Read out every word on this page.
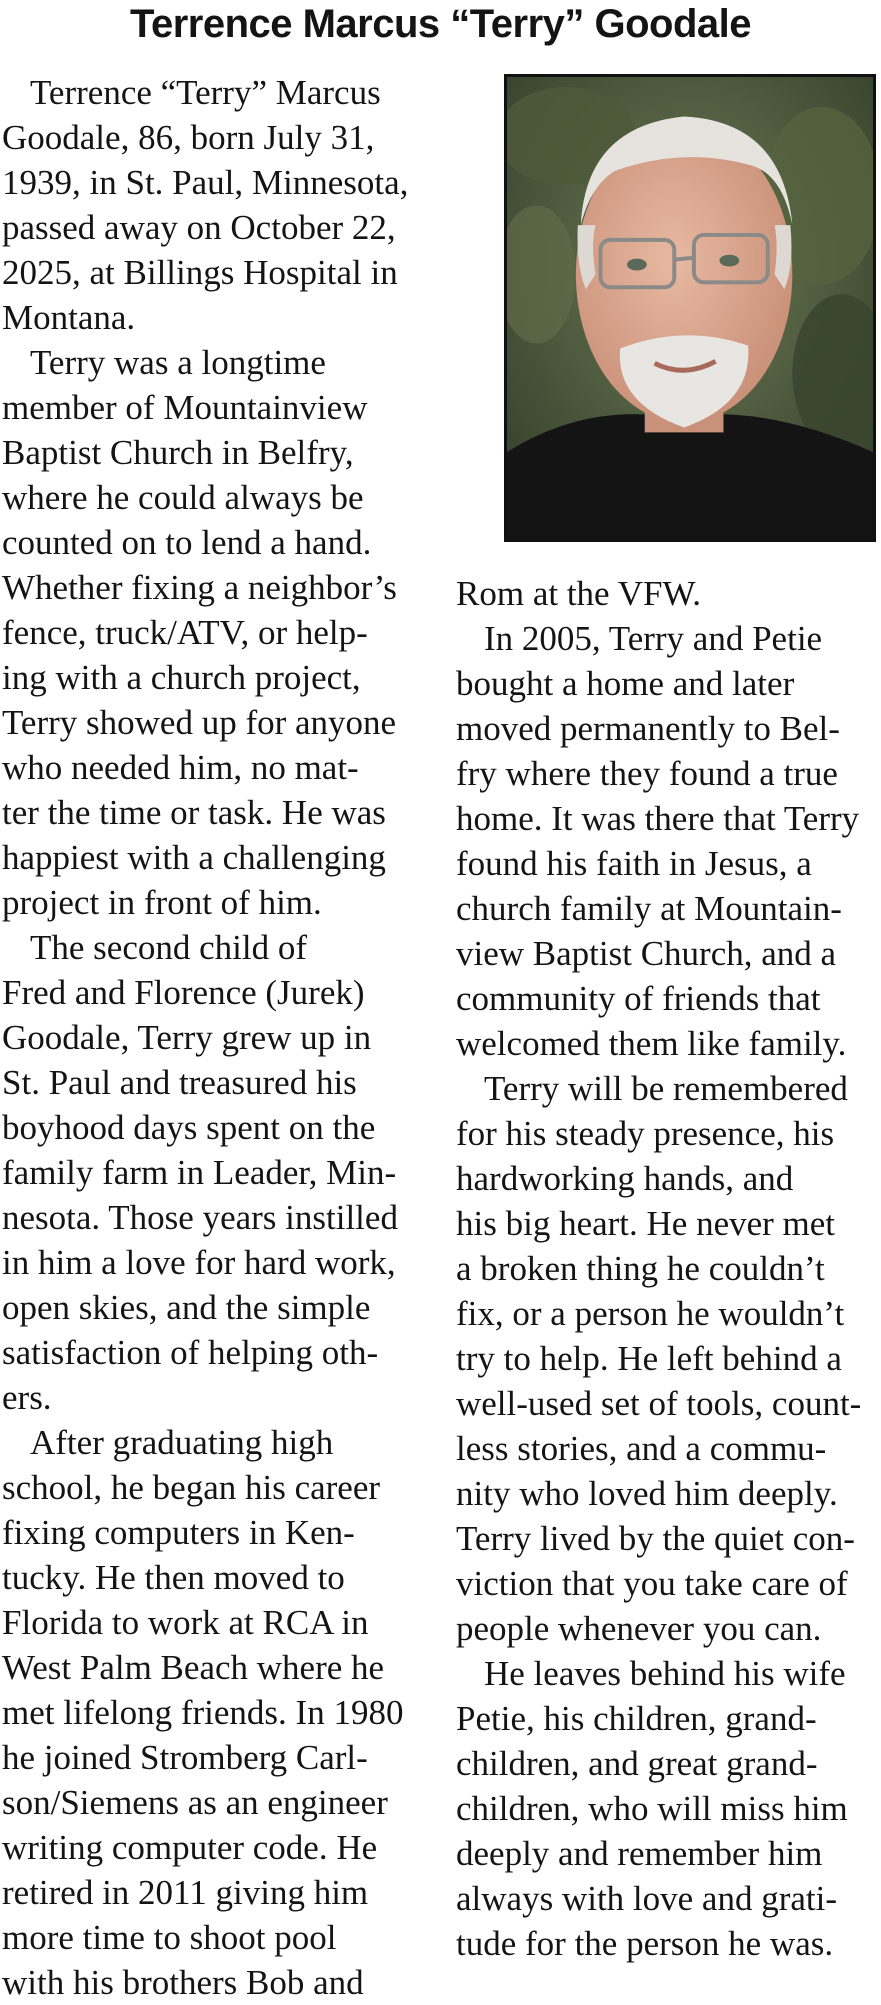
Terrence Marcus “Terry” Goodale
Terrence “Terry” Marcus
Goodale, 86, born July 31,
1939, in St. Paul, Minnesota,
passed away on October 22,
2025, at Billings Hospital in
Montana.
Terry was a longtime
member of Mountainview
Baptist Church in Belfry,
where he could always be
counted on to lend a hand.
Whether fixing a neighbor’s
fence, truck/ATV, or help-
ing with a church project,
Terry showed up for anyone
who needed him, no mat-
ter the time or task. He was
happiest with a challenging
project in front of him.
The second child of
Fred and Florence (Jurek)
Goodale, Terry grew up in
St. Paul and treasured his
boyhood days spent on the
family farm in Leader, Min-
nesota. Those years instilled
in him a love for hard work,
open skies, and the simple
satisfaction of helping oth-
ers.
After graduating high
school, he began his career
fixing computers in Ken-
tucky. He then moved to
Florida to work at RCA in
West Palm Beach where he
met lifelong friends. In 1980
he joined Stromberg Carl-
son/Siemens as an engineer
writing computer code. He
retired in 2011 giving him
more time to shoot pool
with his brothers Bob and
Rom at the VFW.
In 2005, Terry and Petie
bought a home and later
moved permanently to Bel-
fry where they found a true
home. It was there that Terry
found his faith in Jesus, a
church family at Mountain-
view Baptist Church, and a
community of friends that
welcomed them like family.
Terry will be remembered
for his steady presence, his
hardworking hands, and
his big heart. He never met
a broken thing he couldn’t
fix, or a person he wouldn’t
try to help. He left behind a
well-used set of tools, count-
less stories, and a commu-
nity who loved him deeply.
Terry lived by the quiet con-
viction that you take care of
people whenever you can.
He leaves behind his wife
Petie, his children, grand-
children, and great grand-
children, who will miss him
deeply and remember him
always with love and grati-
tude for the person he was.
